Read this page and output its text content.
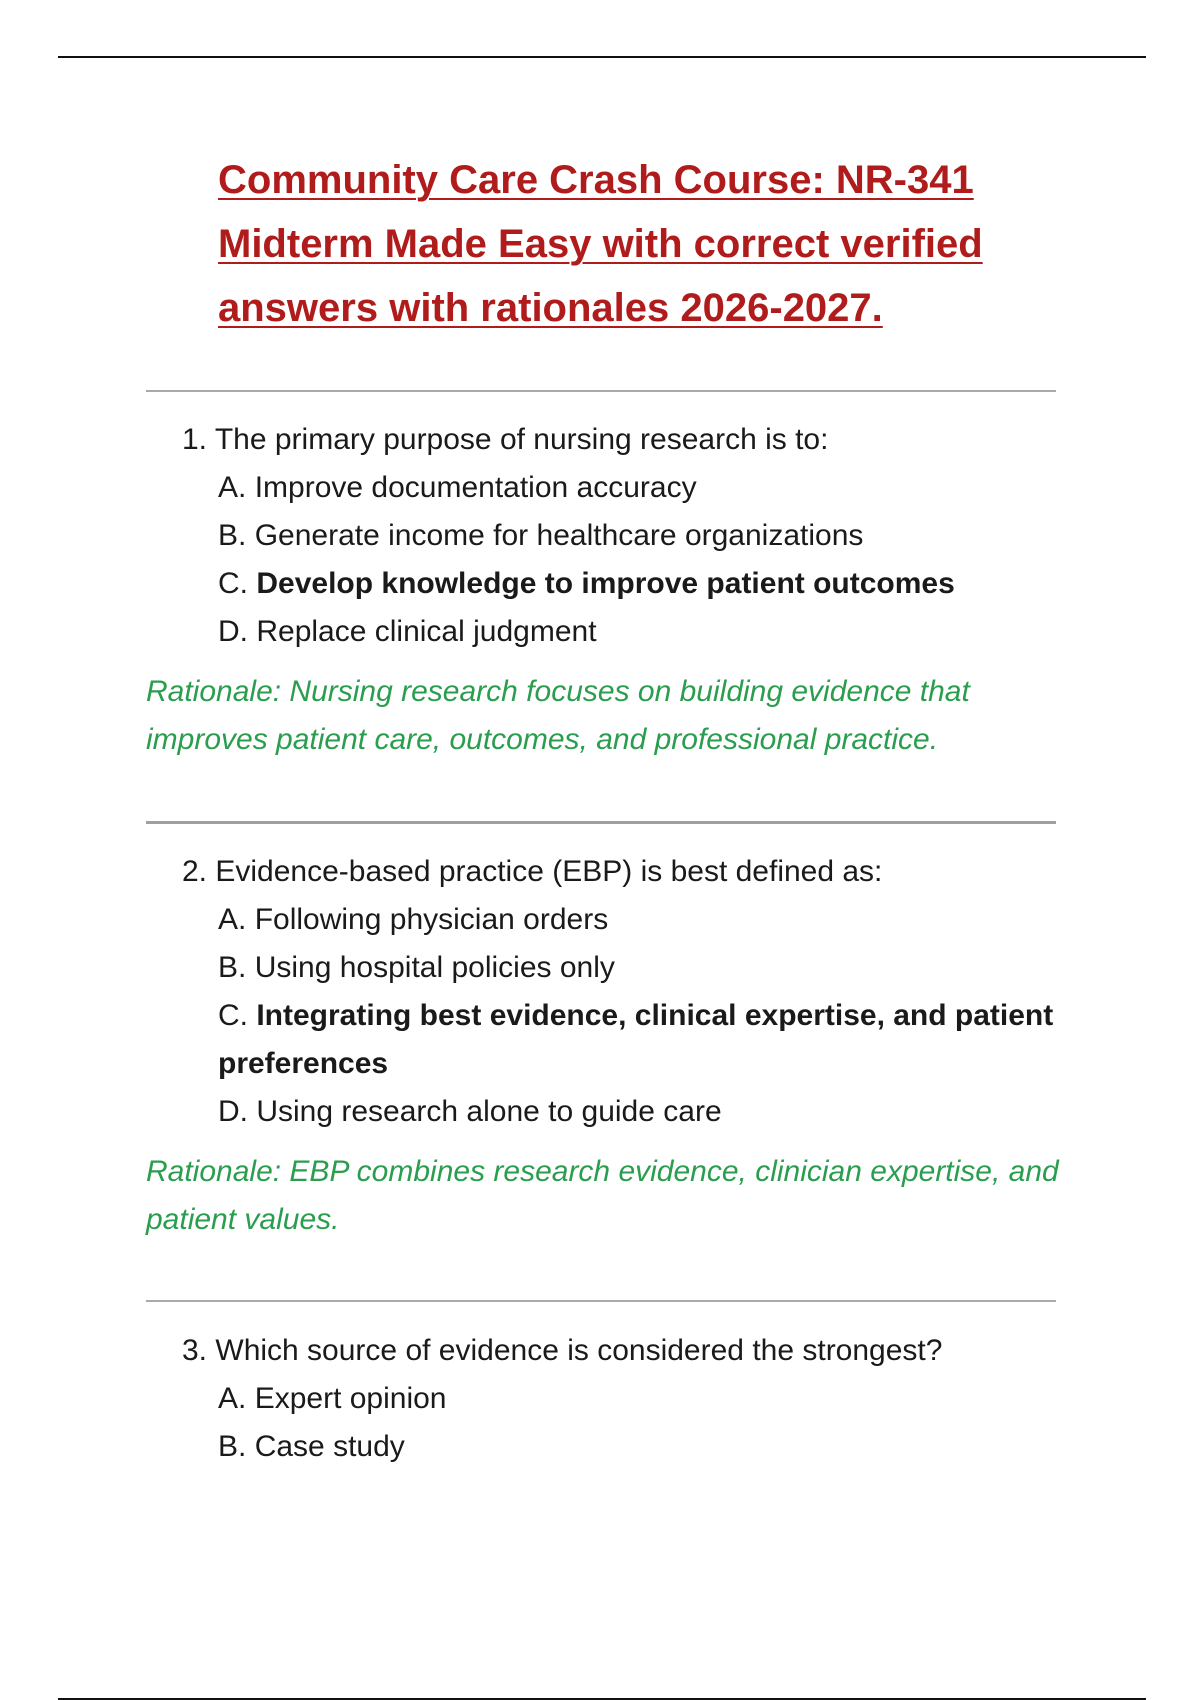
Community Care Crash Course: NR-341 Midterm Made Easy with correct verified answers with rationales 2026-2027.

1. The primary purpose of nursing research is to:

A. Improve documentation accuracy
B. Generate income for healthcare organizations
C. Develop knowledge to improve patient outcomes
D. Replace clinical judgment

Rationale: Nursing research focuses on building evidence that improves patient care, outcomes, and professional practice.

2. Evidence-based practice (EBP) is best defined as:

A. Following physician orders
B. Using hospital policies only
C. Integrating best evidence, clinical expertise, and patient preferences
D. Using research alone to guide care

Rationale: EBP combines research evidence, clinician expertise, and patient values.

3. Which source of evidence is considered the strongest?

A. Expert opinion
B. Case study
